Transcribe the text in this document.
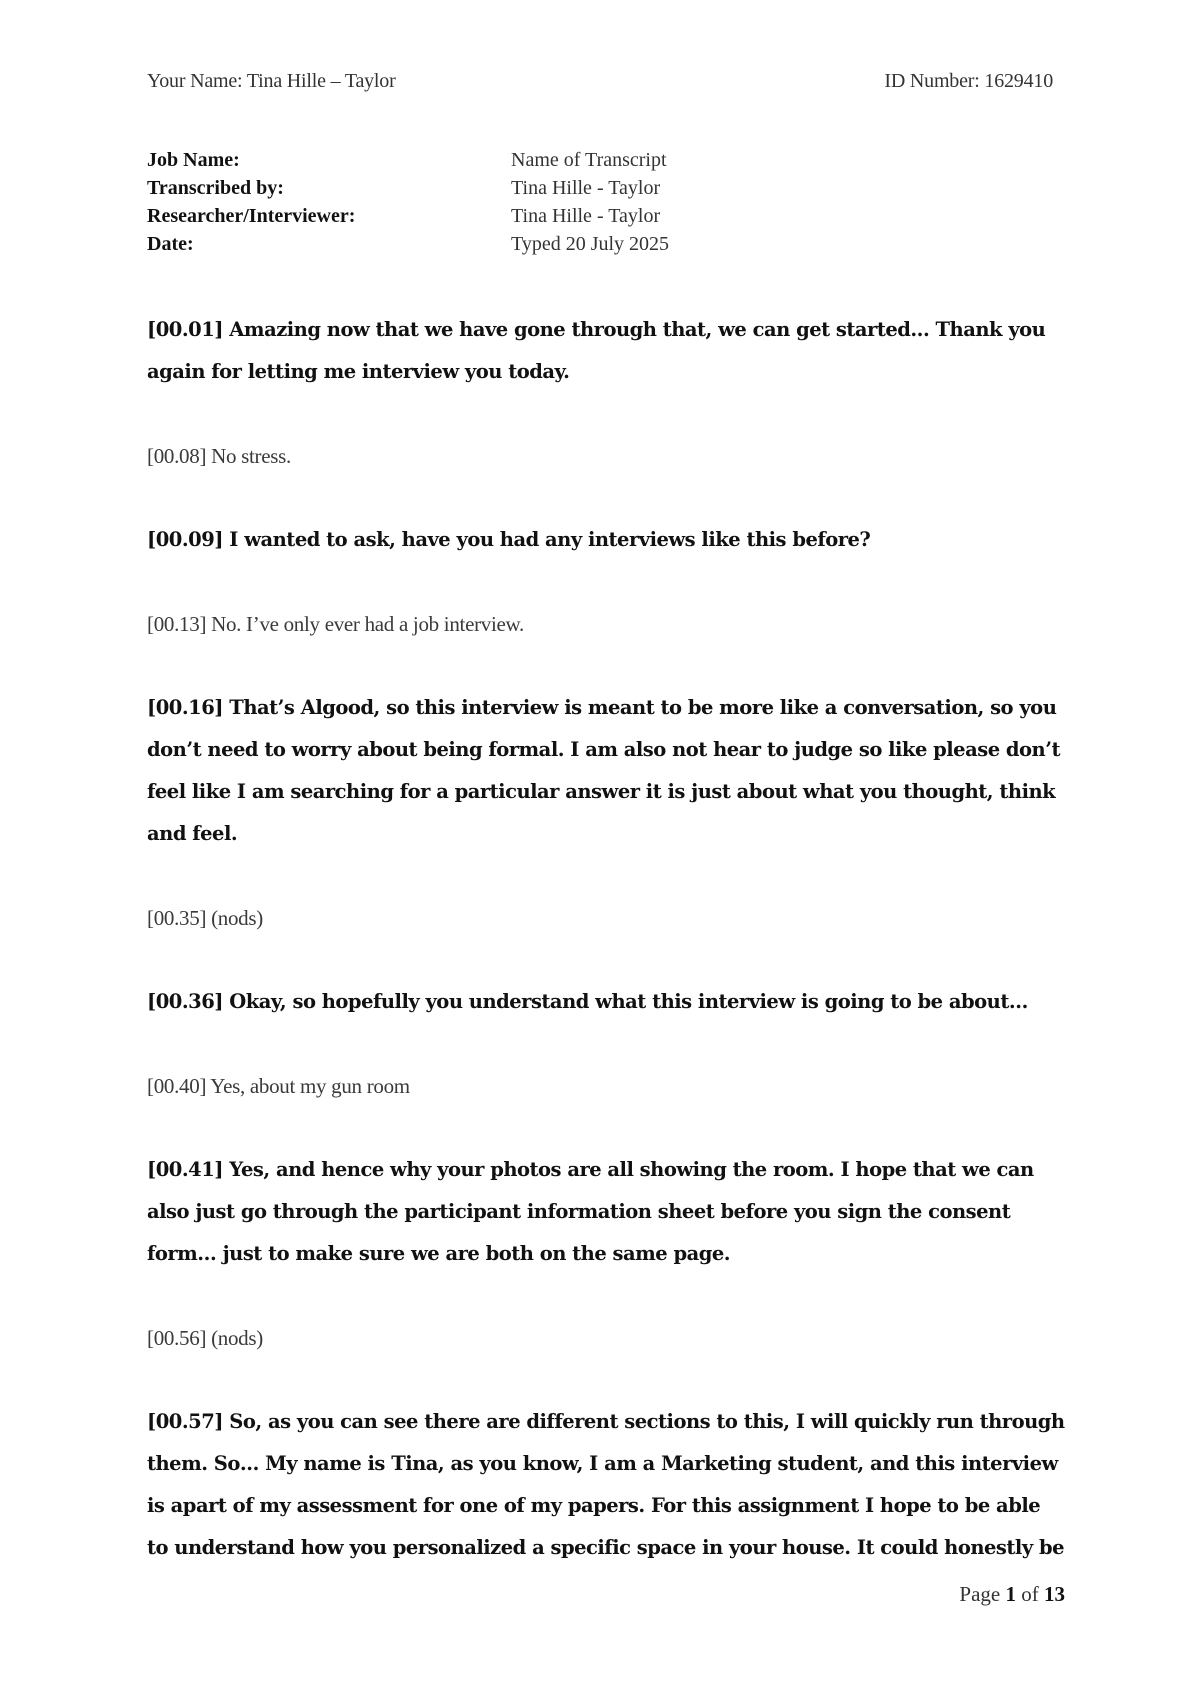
Your Name: Tina Hille – Taylor	ID Number: 1629410
Job Name:	Name of Transcript
Transcribed by:	Tina Hille - Taylor
Researcher/Interviewer:	Tina Hille - Taylor
Date:	Typed 20 July 2025

[00.01] Amazing now that we have gone through that, we can get started... Thank you again for letting me interview you today.

[00.08] No stress.

[00.09] I wanted to ask, have you had any interviews like this before?

[00.13] No. I’ve only ever had a job interview.

[00.16] That’s Algood, so this interview is meant to be more like a conversation, so you don’t need to worry about being formal. I am also not hear to judge so like please don’t feel like I am searching for a particular answer it is just about what you thought, think and feel.

[00.35] (nods)

[00.36] Okay, so hopefully you understand what this interview is going to be about…

[00.40] Yes, about my gun room

[00.41] Yes, and hence why your photos are all showing the room. I hope that we can also just go through the participant information sheet before you sign the consent form… just to make sure we are both on the same page.

[00.56] (nods)

[00.57] So, as you can see there are different sections to this, I will quickly run through them. So… My name is Tina, as you know, I am a Marketing student, and this interview is apart of my assessment for one of my papers. For this assignment I hope to be able to understand how you personalized a specific space in your house. It could honestly be

Page 1 of 13
